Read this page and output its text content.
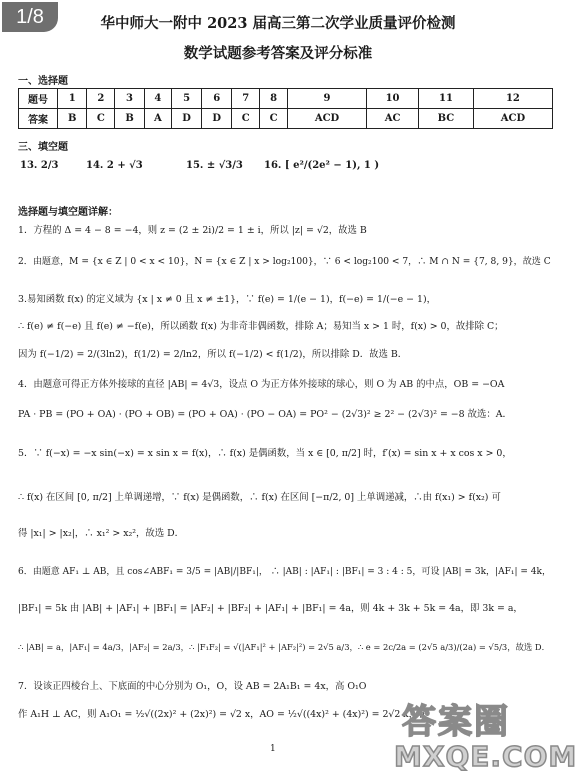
1/8	华中师大一附中 2023 届高三第二次学业质量评价检测
数学试题参考答案及评分标准
一、选择题
题号	1	2	3	4	5	6	7	8	9	10	11	12
答案	B	C	B	A	D	D	C	C	ACD	AC	BC	ACD
三、填空题
13. 2/3	14. 2 + √3	15. ± √3/3 16. [ e²/(2e² − 1), 1 )
选择题与填空题详解：
1．方程的 Δ = 4 − 8 = −4，则 z = (2 ± 2i)/2 = 1 ± i，所以 |z| = √2，故选 B
2．由题意，M = {x ∈ Z | 0 < x < 10}，N = {x ∈ Z | x > log₂100}，∵ 6 < log₂100 < 7，∴ M ∩ N = {7, 8, 9}，故选 C
3.易知函数 f(x) 的定义域为 {x | x ≠ 0 且 x ≠ ±1}，∵ f(e) = 1/(e − 1)，f(−e) = 1/(−e − 1)，
∴ f(e) ≠ f(−e) 且 f(e) ≠ −f(e)，所以函数 f(x) 为非奇非偶函数，排除 A；易知当 x > 1 时，f(x) > 0，故排除 C；
因为 f(−1/2) = 2/(3ln2)，f(1/2) = 2/ln2，所以 f(−1/2) < f(1/2)，所以排除 D．故选 B．
4．由题意可得正方体外接球的直径 |AB| = 4√3，设点 O 为正方体外接球的球心，则 O 为 AB 的中点，OB = −OA
PA · PB = (PO + OA) · (PO + OB) = (PO + OA) · (PO − OA) = PO² − (2√3)² ≥ 2² − (2√3)² = −8 故选：A．
5．∵ f(−x) = −x sin(−x) = x sin x = f(x)，∴ f(x) 是偶函数，当 x ∈ [0, π/2] 时，f′(x) = sin x + x cos x > 0，
∴ f(x) 在区间 [0, π/2] 上单调递增，∵ f(x) 是偶函数，∴ f(x) 在区间 [−π/2, 0] 上单调递减，∴由 f(x₁) > f(x₂) 可
得 |x₁| > |x₂|，∴ x₁² > x₂²，故选 D．
6．由题意 AF₁ ⊥ AB，且 cos∠ABF₁ = 3/5 = |AB|/|BF₁|， ∴ |AB| : |AF₁| : |BF₁| = 3 : 4 : 5，可设 |AB| = 3k，|AF₁| = 4k，
|BF₁| = 5k 由 |AB| + |AF₁| + |BF₁| = |AF₂| + |BF₂| + |AF₁| + |BF₁| = 4a，则 4k + 3k + 5k = 4a，即 3k = a，
∴ |AB| = a，|AF₁| = 4a/3，|AF₂| = 2a/3，∴ |F₁F₂| = √(|AF₁|² + |AF₂|²) = 2√5 a/3，∴ e = 2c/2a = (2√5 a/3)/(2a) = √5/3，故选 D．
7．设该正四棱台上、下底面的中心分别为 O₁，O，设 AB = 2A₁B₁ = 4x，高 O₁O
作 A₁H ⊥ AC，则 A₁O₁ = ½√((2x)² + (2x)²) = √2 x，AO = ½√((4x)² + (4x)²) = 2√2 x，在
1
答案圈
MXQE.COM
